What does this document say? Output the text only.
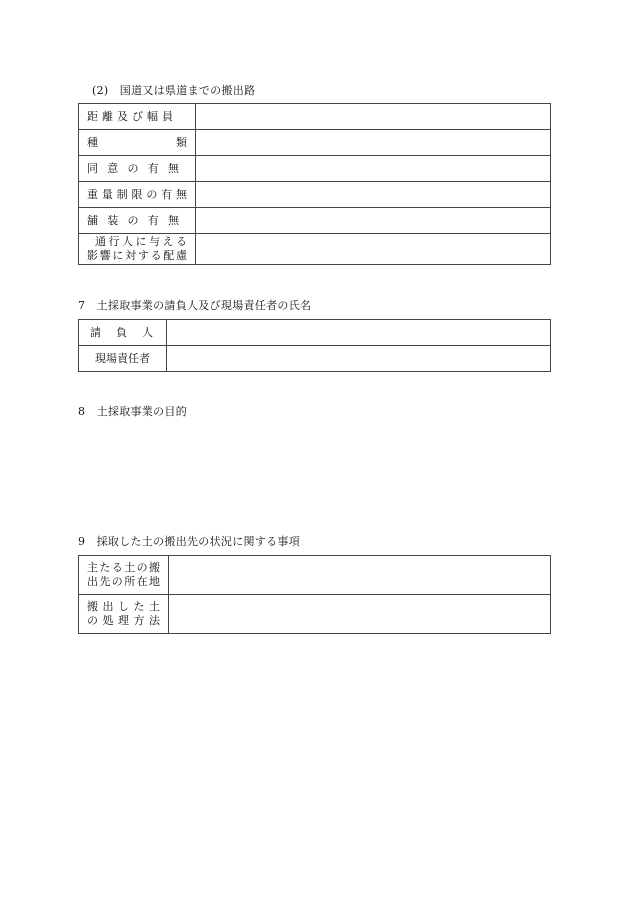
(2)　国道又は県道までの搬出路
距離及び幅員	

種　　類	

同意の有無	

重量制限の有無	

舗装の有無	

通行人に与える
影響に対する配慮	

7　土採取事業の請負人及び現場責任者の氏名
請　負　人	

現場責任者	

8　土採取事業の目的
9　採取した土の搬出先の状況に関する事項
主たる土の搬
出先の所在地	

搬出した土
の処理方法	
